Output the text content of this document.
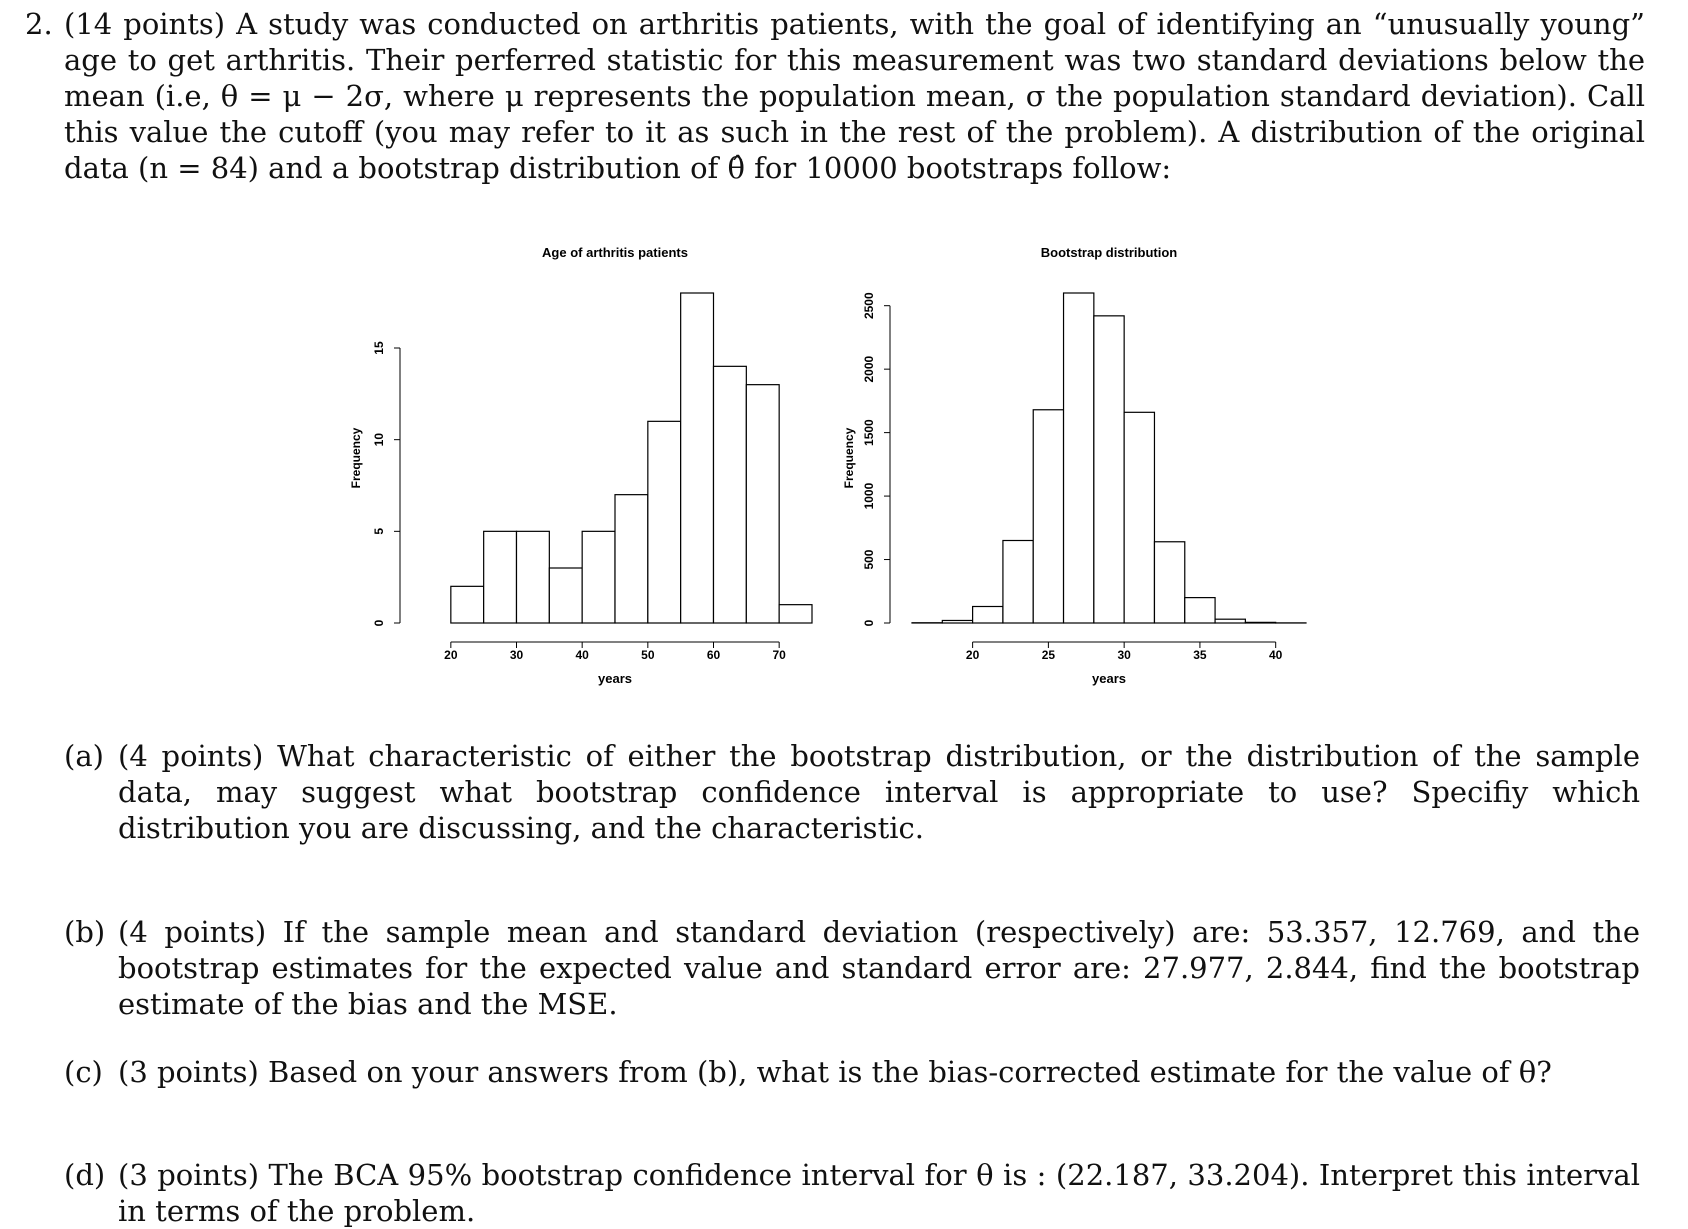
2. (14 points) A study was conducted on arthritis patients, with the goal of identifying an “unusually young” age to get arthritis. Their perferred statistic for this measurement was two standard deviations below the mean (i.e, θ = μ − 2σ, where μ represents the population mean, σ the population standard deviation). Call this value the cutoff (you may refer to it as such in the rest of the problem). A distribution of the original data (n = 84) and a bootstrap distribution of θ̂ for 10000 bootstraps follow:
Age of arthritis patients
20	30	40	50	60	70
years
0
5
10
15
Frequency
Bootstrap distribution
20	25	30	35	40
years
0
500
1000
1500
2000
2500
Frequency
(a) (4 points) What characteristic of either the bootstrap distribution, or the distribution of the sample data, may suggest what bootstrap confidence interval is appropriate to use? Specifiy which distribution you are discussing, and the characteristic.
(b) (4 points) If the sample mean and standard deviation (respectively) are: 53.357, 12.769, and the bootstrap estimates for the expected value and standard error are: 27.977, 2.844, find the bootstrap estimate of the bias and the MSE.
(c) (3 points) Based on your answers from (b), what is the bias-corrected estimate for the value of θ?
(d) (3 points) The BCA 95% bootstrap confidence interval for θ is : (22.187, 33.204). Interpret this interval in terms of the problem.
